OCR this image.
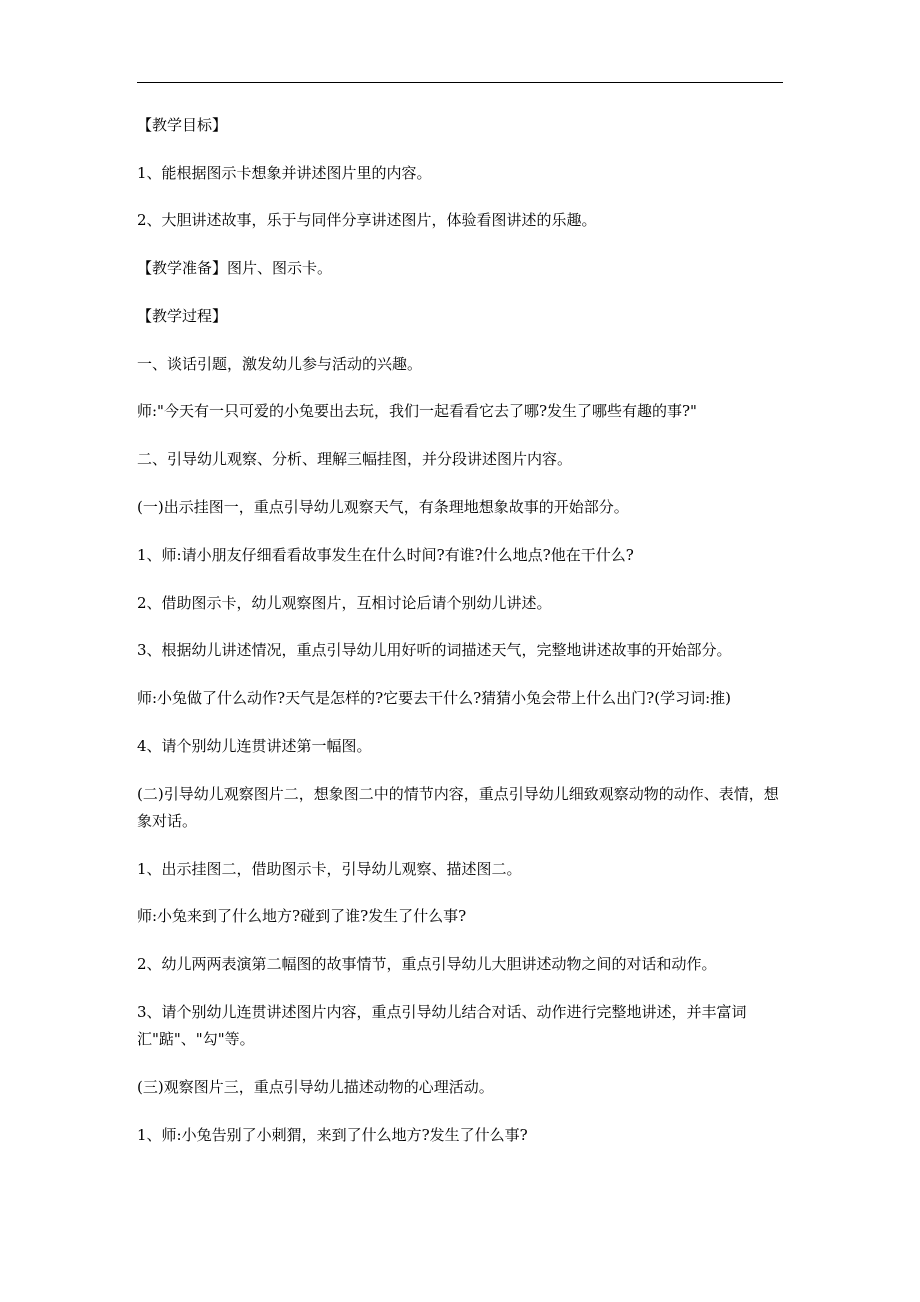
【教学目标】
1、能根据图示卡想象并讲述图片里的内容。
2、大胆讲述故事，乐于与同伴分享讲述图片，体验看图讲述的乐趣。
【教学准备】图片、图示卡。
【教学过程】
一、谈话引题，激发幼儿参与活动的兴趣。
师:"今天有一只可爱的小兔要出去玩，我们一起看看它去了哪?发生了哪些有趣的事?"
二、引导幼儿观察、分析、理解三幅挂图，并分段讲述图片内容。
(一)出示挂图一，重点引导幼儿观察天气，有条理地想象故事的开始部分。
1、师:请小朋友仔细看看故事发生在什么时间?有谁?什么地点?他在干什么?
2、借助图示卡，幼儿观察图片，互相讨论后请个别幼儿讲述。
3、根据幼儿讲述情况，重点引导幼儿用好听的词描述天气，完整地讲述故事的开始部分。
师:小兔做了什么动作?天气是怎样的?它要去干什么?猜猜小兔会带上什么出门?(学习词:推)
4、请个别幼儿连贯讲述第一幅图。
(二)引导幼儿观察图片二，想象图二中的情节内容，重点引导幼儿细致观察动物的动作、表情，想象对话。
1、出示挂图二，借助图示卡，引导幼儿观察、描述图二。
师:小兔来到了什么地方?碰到了谁?发生了什么事?
2、幼儿两两表演第二幅图的故事情节，重点引导幼儿大胆讲述动物之间的对话和动作。
3、请个别幼儿连贯讲述图片内容，重点引导幼儿结合对话、动作进行完整地讲述，并丰富词汇"踮"、"勾"等。
(三)观察图片三，重点引导幼儿描述动物的心理活动。
1、师:小兔告别了小刺猬，来到了什么地方?发生了什么事?
